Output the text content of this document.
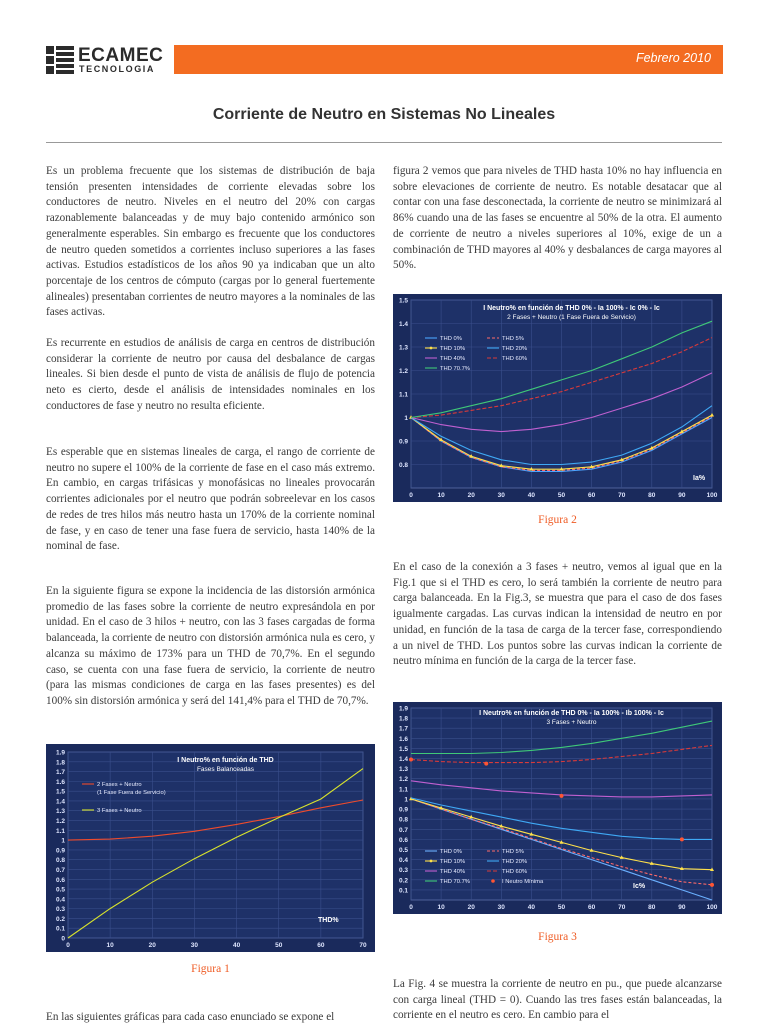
ECAMEC
TECNOLOGIA
Febrero 2010
Corriente de Neutro en Sistemas No Lineales

Es un problema frecuente que los sistemas de distribución de baja tensión presenten intensidades de corriente elevadas sobre los conductores de neutro. Niveles en el neutro del 20% con cargas razonablemente balanceadas y de muy bajo contenido armónico son generalmente esperables. Sin embargo es frecuente que los conductores de neutro queden sometidos a corrientes incluso superiores a las fases activas. Estudios estadísticos de los años 90 ya indicaban que un alto porcentaje de los centros de cómputo (cargas por lo general fuertemente alineales) presentaban corrientes de neutro mayores a la nominales de las fases activas.

Es recurrente en estudios de análisis de carga en centros de distribución considerar la corriente de neutro por causa del desbalance de cargas lineales. Si bien desde el punto de vista de análisis de flujo de potencia neto es cierto, desde el análisis de intensidades nominales en los conductores de fase y neutro no resulta eficiente.

Es esperable que en sistemas lineales de carga, el rango de corriente de neutro no supere el 100% de la corriente de fase en el caso más extremo. En cambio, en cargas trifásicas y monofásicas no lineales provocarán corrientes adicionales por el neutro que podrán sobreelevar en los casos de redes de tres hilos más neutro hasta un 170% de la corriente nominal de fase, y en caso de tener una fase fuera de servicio, hasta 140% de la nominal de fase.

En la siguiente figura se expone la incidencia de las distorsión armónica promedio de las fases sobre la corriente de neutro expresándola en por unidad. En el caso de 3 hilos + neutro, con las 3 fases cargadas de forma balanceada, la corriente de neutro con distorsión armónica nula es cero, y alcanza su máximo de 173% para un THD de 70,7%. En el segundo caso, se cuenta con una fase fuera de servicio, la corriente de neutro (para las mismas condiciones de carga en las fases presentes) es del 100% sin distorsión armónica y será del 141,4% para el THD de 70,7%.

0
0.1
0.2
0.3
0.4
0.5
0.6
0.7
0.8
0.9
1
1.1
1.2
1.3
1.4
1.5
1.6
1.7
1.8
1.9
0	10	20	30	40	50	60	70
I Neutro% en función de THD
Fases Balanceadas
THD%
2 Fases + Neutro
(1 Fase Fuera de Servicio)
3 Fases + Neutro
Figura 1

En las siguientes gráficas para cada caso enunciado se expone el

figura 2 vemos que para niveles de THD hasta 10% no hay influencia en sobre elevaciones de corriente de neutro. Es notable desatacar que al contar con una fase desconectada, la corriente de neutro se minimizará al 86% cuando una de las fases se encuentre al 50% de la otra. El aumento de corriente de neutro a niveles superiores al 10%, exige de un a combinación de THD mayores al 40% y desbalances de carga mayores al 50%.

0.8
0.9
1
1.1
1.2
1.3
1.4
1.5
0	10	20	30	40	50	60	70	80	90	100
I Neutro% en función de THD 0% - Ia 100% - Ic 0% - Ic
2 Fases + Neutro (1 Fase Fuera de Servicio)
Ia%
THD 0%	THD 5%
THD 10%	THD 20%
THD 40%	THD 60%
THD 70.7%
Figura 2

En el caso de la conexión a 3 fases + neutro, vemos al igual que en la Fig.1 que si el THD es cero, lo será también la corriente de neutro para carga balanceada. En la Fig.3, se muestra que para el caso de dos fases igualmente cargadas. Las curvas indican la intensidad de neutro en por unidad, en función de la tasa de carga de la tercer fase, correspondiendo a un nivel de THD. Los puntos sobre las curvas indican la corriente de neutro mínima en función de la carga de la tercer fase.

0.1
0.2
0.3
0.4
0.5
0.6
0.7
0.8
0.9
1
1.1
1.2
1.3
1.4
1.5
1.6
1.7
1.8
1.9
0	10	20	30	40	50	60	70	80	90	100
I Neutro% en función de THD 0% - Ia 100% - Ib 100% - Ic
3 Fases + Neutro
Ic%
THD 0%	THD 5%
THD 10%	THD 20%
THD 40%	THD 60%
THD 70.7%	I Neutro Mínima
Figura 3

La Fig. 4 se muestra la corriente de neutro en pu., que puede alcanzarse con carga lineal (THD = 0). Cuando las tres fases están balanceadas, la corriente en el neutro es cero. En cambio para el
